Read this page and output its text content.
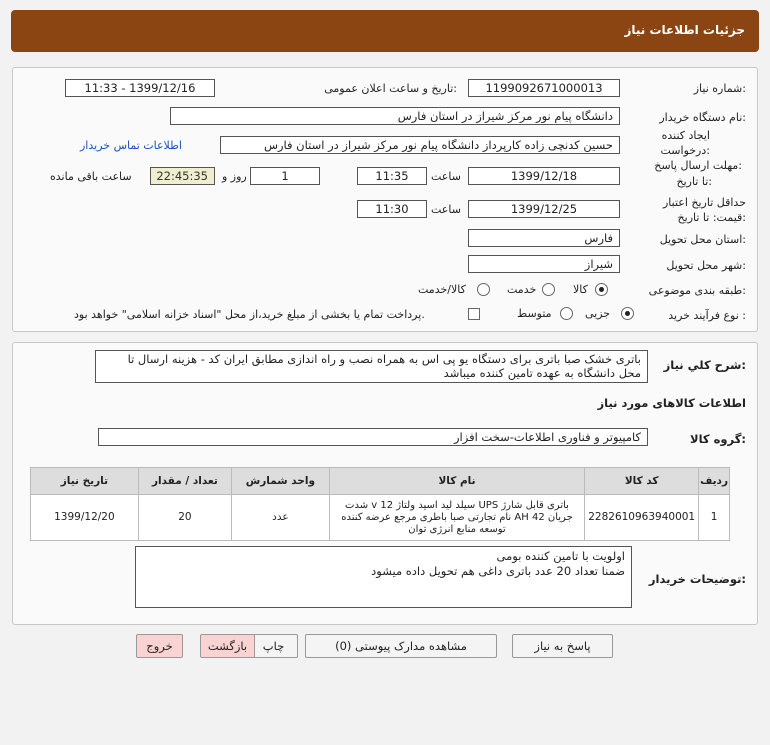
جزئیات اطلاعات نیاز
شماره نیاز:
1199092671000013
تاریخ و ساعت اعلان عمومی:
1399/12/16 - 11:33
نام دستگاه خریدار:
دانشگاه پیام نور مرکز شیراز در استان فارس
ایجاد کننده
درخواست:
حسین کدنچی زاده کارپرداز دانشگاه پیام نور مرکز شیراز در استان فارس
اطلاعات تماس خریدار
مهلت ارسال پاسخ:
تا تاریخ:
1399/12/18
ساعت
11:35
1
روز و
22:45:35
ساعت باقی مانده
حداقل تاریخ اعتبار
قیمت: تا تاریخ:
1399/12/25
ساعت
11:30
استان محل تحویل:
فارس
شهر محل تحویل:
شیراز
طبقه بندی موضوعی:
کالا
خدمت
کالا/خدمت
نوع فرآیند خرید :
جزیی
متوسط
پرداخت تمام یا بخشی از مبلغ خرید،از محل "اسناد خزانه اسلامی" خواهد بود.
شرح کلي نیاز:
باتری خشک صبا باتری برای دستگاه یو پی اس به همراه نصب و راه اندازی مطابق ایران کد - هزینه ارسال تا محل دانشگاه به عهده تامین کننده میباشد
اطلاعات کالاهای مورد نیاز
گروه کالا:
کامپیوتر و فناوری اطلاعات-سخت افزار
ردیف	کد کالا	نام کالا	واحد شمارش	تعداد / مقدار	تاریخ نیاز
1	2282610963940001	باتری قابل شارژ UPS سیلد لید اسید ولتاژ 12 v شدت جریان 42 AH نام تجارتی صبا باطری مرجع عرضه کننده توسعه منابع انرژی توان	عدد	20	1399/12/20
توضیحات خریدار:
اولویت با تامین کننده بومی
ضمنا تعداد 20 عدد باتری داغی هم تحویل داده میشود
پاسخ به نیاز
مشاهده مدارک پیوستی (0)
چاپ
بازگشت
خروج
